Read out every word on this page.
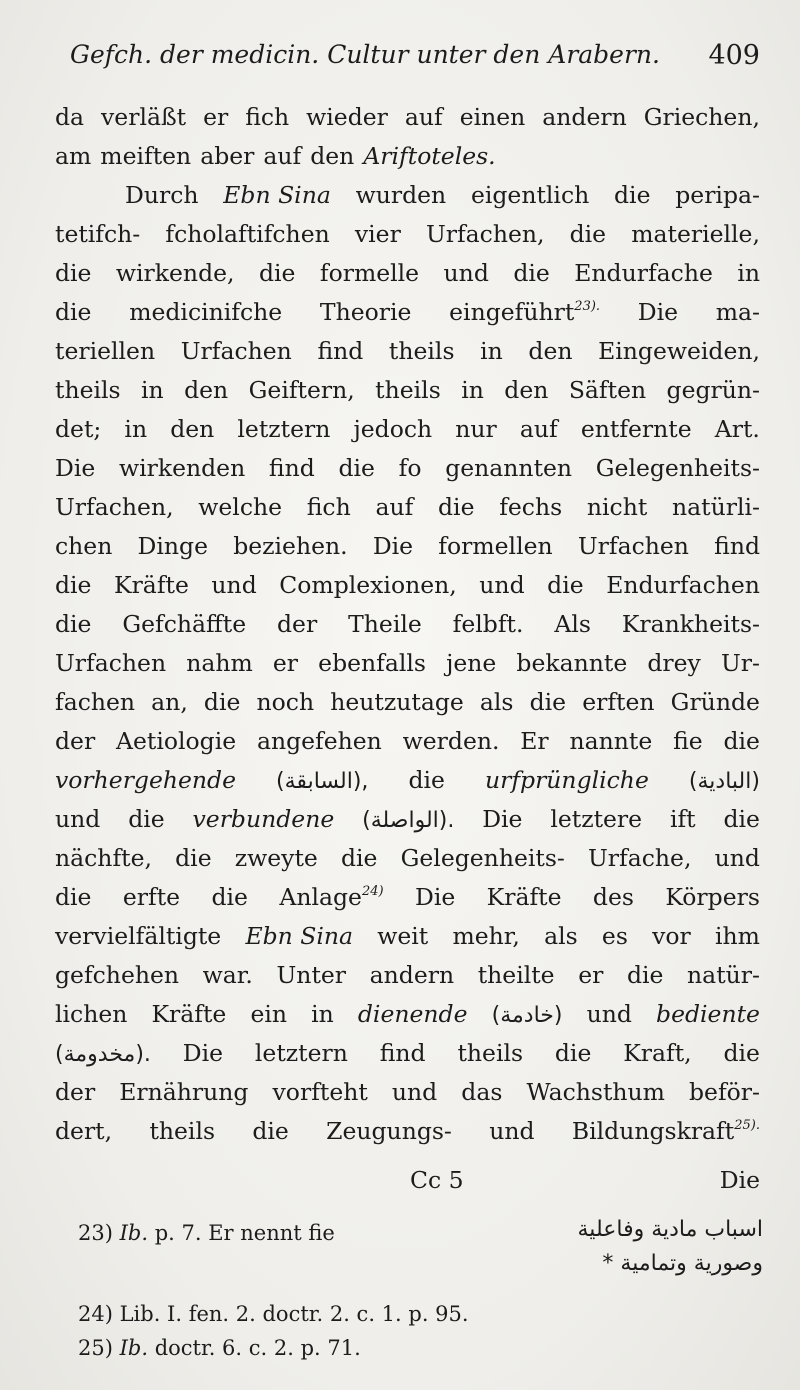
Gefch. der medicin. Cultur unter den Arabern. 409
da verläßt er fich wieder auf einen andern Griechen,
am meiften aber auf den Ariftoteles.
Durch Ebn Sina wurden eigentlich die peripa-
tetifch- fcholaftifchen vier Urfachen, die materielle,
die wirkende, die formelle und die Endurfache in
die medicinifche Theorie eingeführt$^{23).}$ Die ma-
teriellen Urfachen find theils in den Eingeweiden,
theils in den Geiftern, theils in den Säften gegrün-
det; in den letztern jedoch nur auf entfernte Art.
Die wirkenden find die fo genannten Gelegenheits-
Urfachen, welche fich auf die fechs nicht natürli-
chen Dinge beziehen. Die formellen Urfachen find
die Kräfte und Complexionen, und die Endurfachen
die Gefchäffte der Theile felbft. Als Krankheits-
Urfachen nahm er ebenfalls jene bekannte drey Ur-
fachen an, die noch heutzutage als die erften Gründe
der Aetiologie angefehen werden. Er nannte fie die
vorhergehende (السابقة), die urfprüngliche (البادية)
und die verbundene (الواصلة). Die letztere ift die
nächfte, die zweyte die Gelegenheits- Urfache, und
die erfte die Anlage$^{24)}$ Die Kräfte des Körpers
vervielfältigte Ebn Sina weit mehr, als es vor ihm
gefchehen war. Unter andern theilte er die natür-
lichen Kräfte ein in dienende (خادمة) und bediente
(مخدومة). Die letztern find theils die Kraft, die
der Ernährung vorfteht und das Wachsthum beför-
dert, theils die Zeugungs- und Bildungskraft$^{25).}$
Cc 5	Die
23) Ib. p. 7. Er nennt fie	اسباب مادية وفاعلية
وصورية وتمامية *
24) Lib. I. fen. 2. doctr. 2. c. 1. p. 95.
25) Ib. doctr. 6. c. 2. p. 71.
